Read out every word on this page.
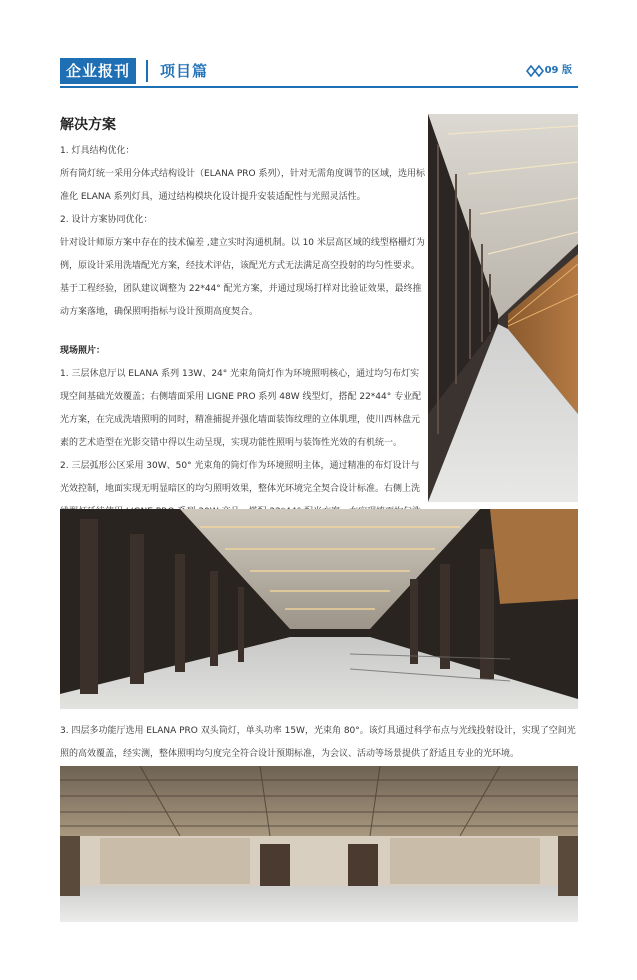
企业报刊	项目篇	09 版

解决方案

1. 灯具结构优化：

所有筒灯统一采用分体式结构设计（ELANA PRO 系列），针对无需角度调节的区域，选用标准化 ELANA 系列灯具，通过结构模块化设计提升安装适配性与光照灵活性。

2. 设计方案协同优化：

针对设计师原方案中存在的技术偏差 ,建立实时沟通机制。以 10 米层高区域的线型格栅灯为例，原设计采用洗墙配光方案，经技术评估，该配光方式无法满足高空投射的均匀性要求。基于工程经验，团队建议调整为 22*44° 配光方案，并通过现场打样对比验证效果，最终推动方案落地，确保照明指标与设计预期高度契合。

现场照片：

1. 三层休息厅以 ELANA 系列 13W、24° 光束角筒灯作为环境照明核心，通过均匀布灯实现空间基础光效覆盖；右侧墙面采用 LIGNE PRO 系列 48W 线型灯，搭配 22*44° 专业配光方案，在完成洗墙照明的同时，精准捕捉并强化墙面装饰纹理的立体肌理，使川西林盘元素的艺术造型在光影交错中得以生动呈现，实现功能性照明与装饰性光效的有机统一。

2. 三层弧形公区采用 30W、50° 光束角的筒灯作为环境照明主体，通过精准的布灯设计与光效控制，地面实现无明显暗区的均匀照明效果，整体光环境完全契合设计标准。右侧上洗

3. 四层多功能厅选用 ELANA PRO 双头筒灯，单头功率 15W，光束角 80°。该灯具通过科学布点与光线投射设计，实现了空间光照的高效覆盖，经实测，整体照明均匀度完全符合设计预期标准，为会议、活动等场景提供了舒适且专业的光环境。
